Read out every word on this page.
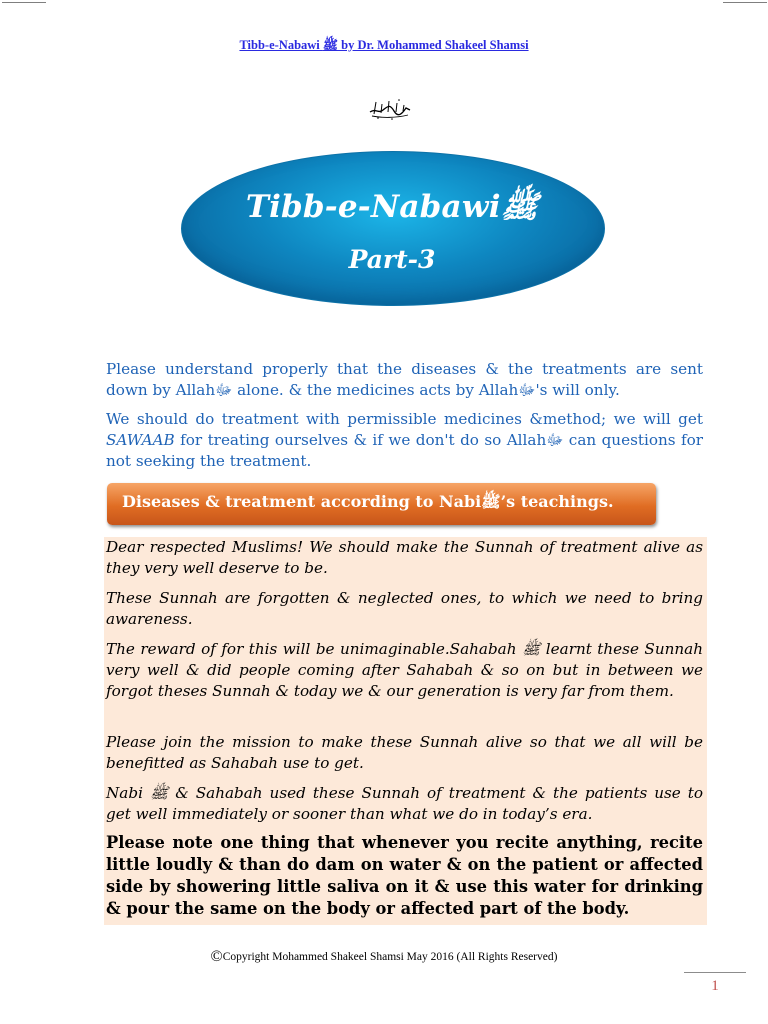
Tibb-e-Nabawi ﷺ by Dr. Mohammed Shakeel Shamsi
Tibb-e-Nabawiﷺ
Part-3
Please understand properly that the diseases & the treatments are sent down by Allahﷻ alone. & the medicines acts by Allahﷻ's will only.
We should do treatment with permissible medicines &method; we will get SAWAAB for treating ourselves & if we don't do so Allahﷻ can questions for not seeking the treatment.
Diseases & treatment according to Nabiﷺ’s teachings.
Dear respected Muslims! We should make the Sunnah of treatment alive as they very well deserve to be.
These Sunnah are forgotten & neglected ones, to which we need to bring awareness.
The reward of for this will be unimaginable.Sahabah ﷺ learnt these Sunnah very well & did people coming after Sahabah & so on but in between we forgot theses Sunnah & today we & our generation is very far from them.
Please join the mission to make these Sunnah alive so that we all will be benefitted as Sahabah use to get.
Nabi ﷺ & Sahabah used these Sunnah of treatment & the patients use to get well immediately or sooner than what we do in today’s era.
Please note one thing that whenever you recite anything, recite little loudly & than do dam on water & on the patient or affected side by showering little saliva on it & use this water for drinking & pour the same on the body or affected part of the body.
©Copyright Mohammed Shakeel Shamsi May 2016 (All Rights Reserved)
1
